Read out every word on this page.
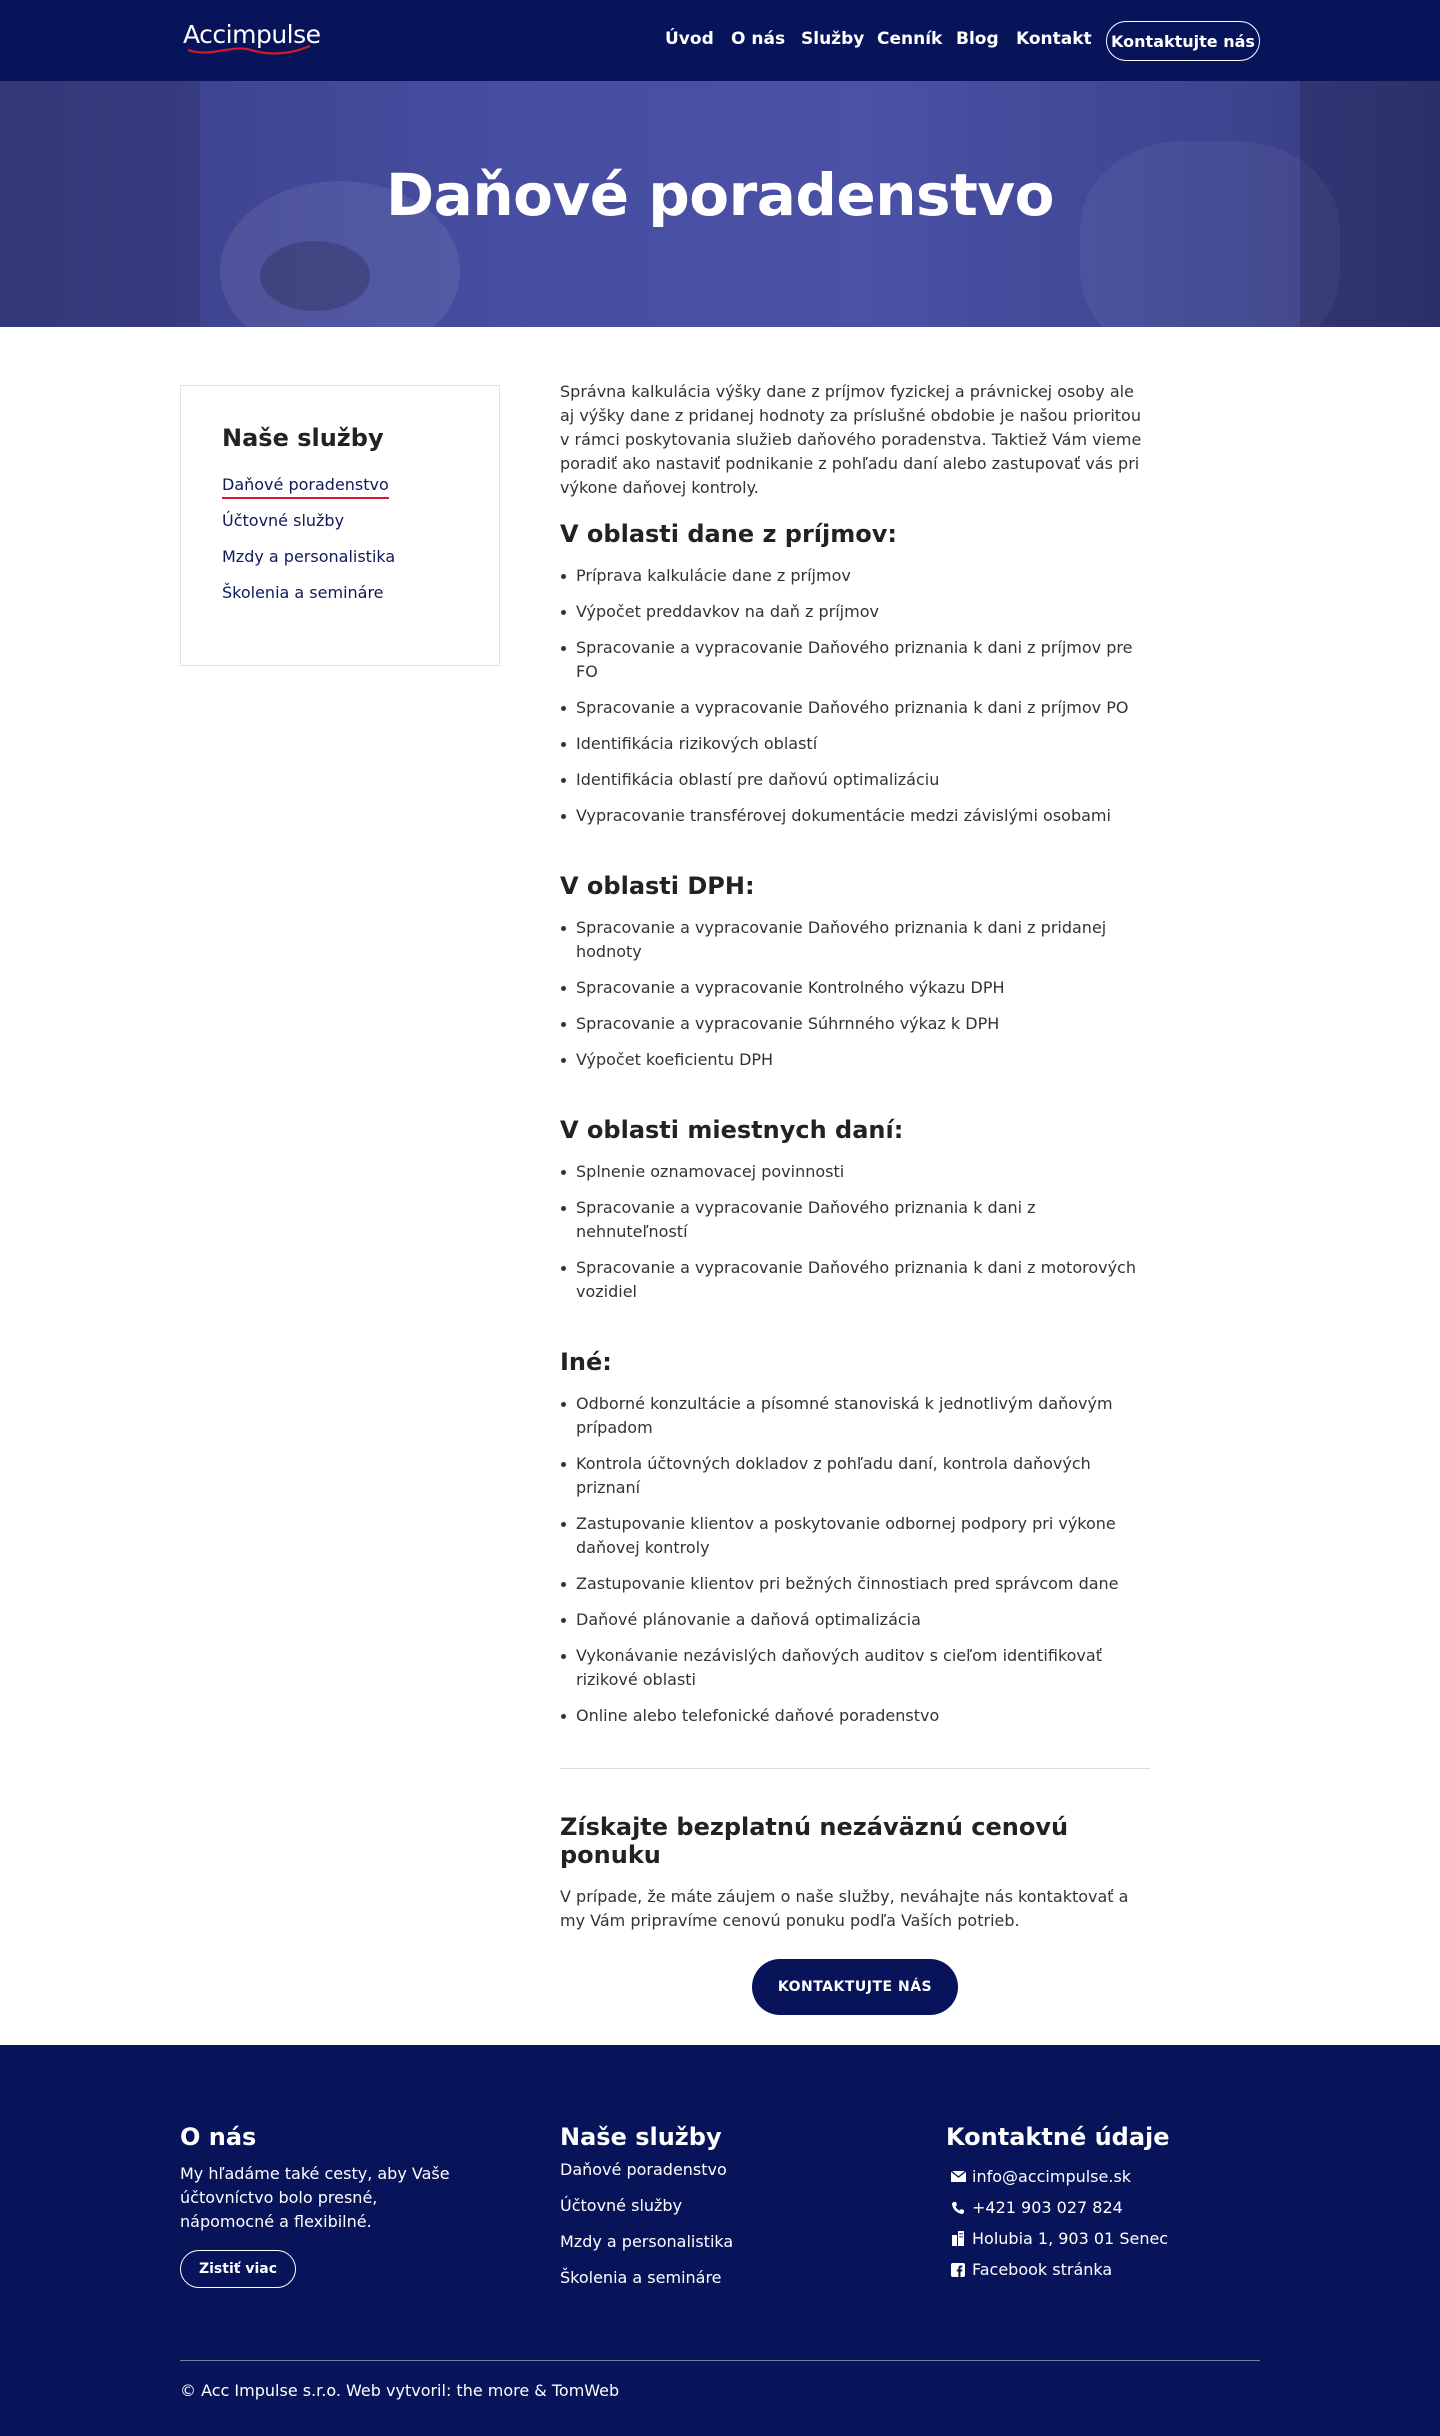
Accimpulse	Úvod O nás Služby Cenník Blog Kontakt	Kontaktujte nás
Daňové poradenstvo
Naše služby
Daňové poradenstvo
Účtovné služby
Mzdy a personalistika
Školenia a semináre

Správna kalkulácia výšky dane z príjmov fyzickej a právnickej osoby ale aj výšky dane z pridanej hodnoty za príslušné obdobie je našou prioritou v rámci poskytovania služieb daňového poradenstva. Taktiež Vám vieme poradiť ako nastaviť podnikanie z pohľadu daní alebo zastupovať vás pri výkone daňovej kontroly.

V oblasti dane z príjmov:
Príprava kalkulácie dane z príjmov
Výpočet preddavkov na daň z príjmov
Spracovanie a vypracovanie Daňového priznania k dani z príjmov pre FO
Spracovanie a vypracovanie Daňového priznania k dani z príjmov PO
Identifikácia rizikových oblastí
Identifikácia oblastí pre daňovú optimalizáciu
Vypracovanie transférovej dokumentácie medzi závislými osobami
V oblasti DPH:
Spracovanie a vypracovanie Daňového priznania k dani z pridanej hodnoty
Spracovanie a vypracovanie Kontrolného výkazu DPH
Spracovanie a vypracovanie Súhrnného výkaz k DPH
Výpočet koeficientu DPH
V oblasti miestnych daní:
Splnenie oznamovacej povinnosti
Spracovanie a vypracovanie Daňového priznania k dani z nehnuteľností
Spracovanie a vypracovanie Daňového priznania k dani z motorových vozidiel
Iné:
Odborné konzultácie a písomné stanoviská k jednotlivým daňovým prípadom
Kontrola účtovných dokladov z pohľadu daní, kontrola daňových priznaní
Zastupovanie klientov a poskytovanie odbornej podpory pri výkone daňovej kontroly
Zastupovanie klientov pri bežných činnostiach pred správcom dane
Daňové plánovanie a daňová optimalizácia
Vykonávanie nezávislých daňových auditov s cieľom identifikovať rizikové oblasti
Online alebo telefonické daňové poradenstvo
Získajte bezplatnú nezáväznú cenovú ponuku

V prípade, že máte záujem o naše služby, neváhajte nás kontaktovať a my Vám pripravíme cenovú ponuku podľa Vaších potrieb.

KONTAKTUJTE NÁS
O nás

My hľadáme také cesty, aby Vaše účtovníctvo bolo presné, nápomocné a flexibilné.

Zistiť viac
Naše služby
Daňové poradenstvo
Účtovné služby
Mzdy a personalistika
Školenia a semináre
Kontaktné údaje
info@accimpulse.sk
+421 903 027 824
Holubia 1, 903 01 Senec
Facebook stránka

© Acc Impulse s.r.o. Web vytvoril: the more & TomWeb
